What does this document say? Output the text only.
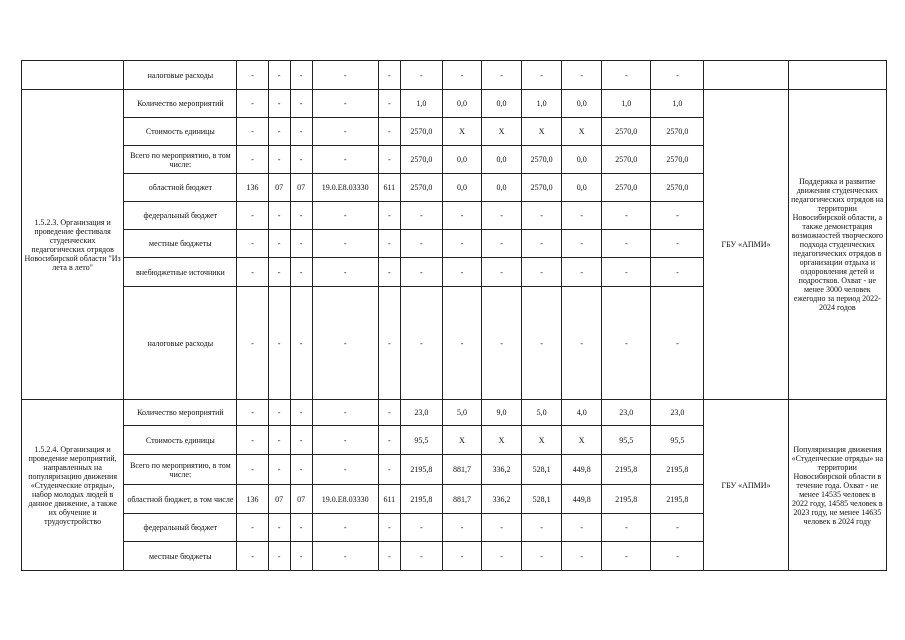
	налоговые расходы	-	-	-	-	-	-	-	-	-	-	-	-		
1.5.2.3. Организация и проведение фестиваля студенческих педагогических отрядов Новосибирской области "Из лета в лето"	Количество мероприятий	-	-	-	-	-	1,0	0,0	0,0	1,0	0,0	1,0	1,0	ГБУ «АПМИ»	Поддержка и развитие движения студенческих педагогических отрядов на территории Новосибирской области, а также демонстрация возможностей творческого подхода студенческих педагогических отрядов в организации отдыха и оздоровления детей и подростков. Охват - не менее 3000 человек ежегодно за период 2022-2024 годов
	Стоимость единицы	-	-	-	-	-	2570,0	X	X	X	X	2570,0	2570,0		
	Всего по мероприятию, в том числе:	-	-	-	-	-	2570,0	0,0	0,0	2570,0	0,0	2570,0	2570,0		
	областной бюджет	136	07	07	19.0.E8.03330	611	2570,0	0,0	0,0	2570,0	0,0	2570,0	2570,0		
	федеральный бюджет	-	-	-	-	-	-	-	-	-	-	-	-		
	местные бюджеты	-	-	-	-	-	-	-	-	-	-	-	-		
	внебюджетные источники	-	-	-	-	-	-	-	-	-	-	-	-		
	налоговые расходы	-	-	-	-	-	-	-	-	-	-	-	-		
1.5.2.4. Организация и проведение мероприятий, направленных на популяризацию движения «Студенческие отряды», набор молодых людей в данное движение, а также их обучение и трудоустройство	Количество мероприятий	-	-	-	-	-	23,0	5,0	9,0	5,0	4,0	23,0	23,0	ГБУ «АПМИ»	Популяризация движения «Студенческие отряды» на территории Новосибирской области в течение года. Охват - не менее 14535 человек в 2022 году, 14585 человек в 2023 году, не менее 14635 человек в 2024 году
	Стоимость единицы	-	-	-	-	-	95,5	X	X	X	X	95,5	95,5		
	Всего по мероприятию, в том числе:	-	-	-	-	-	2195,8	881,7	336,2	528,1	449,8	2195,8	2195,8		
	областной бюджет, в том числе	136	07	07	19.0.E8.03330	611	2195,8	881,7	336,2	528,1	449,8	2195,8	2195,8		
	федеральный бюджет	-	-	-	-	-	-	-	-	-	-	-	-		
	местные бюджеты	-	-	-	-	-	-	-	-	-	-	-	-		
